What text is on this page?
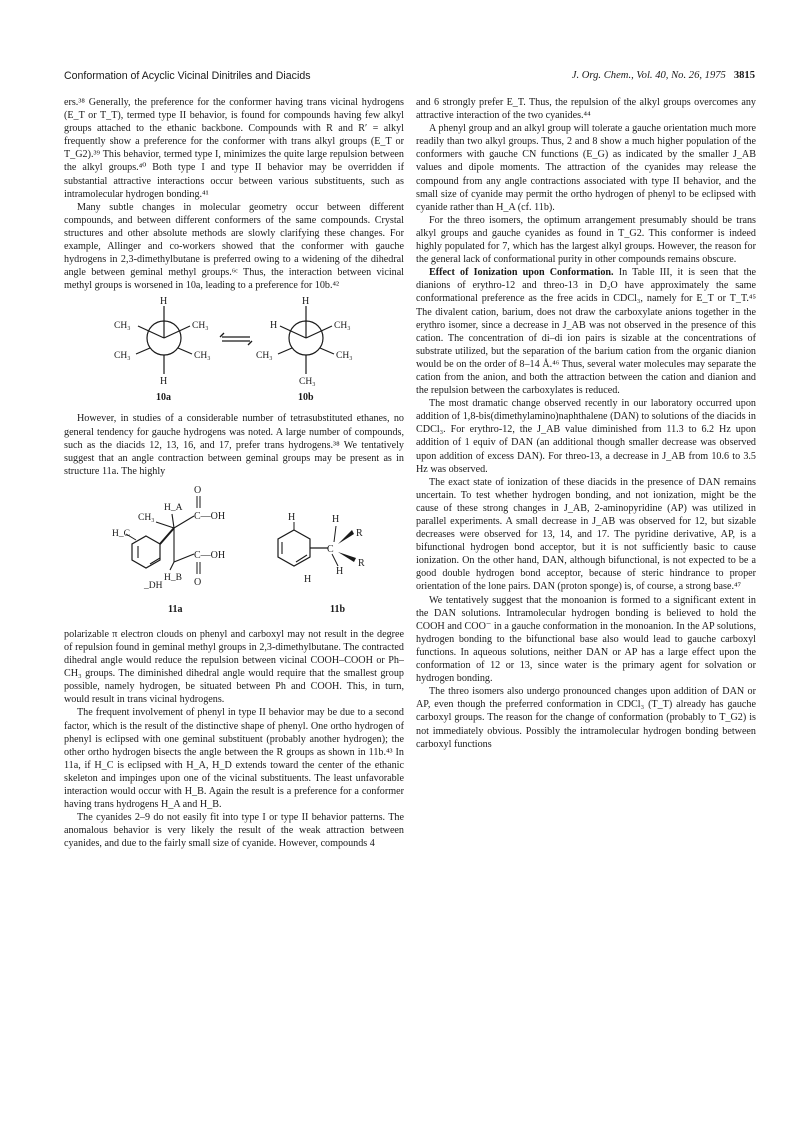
Conformation of Acyclic Vicinal Dinitriles and Diacids	J. Org. Chem., Vol. 40, No. 26, 1975 3815

ers.³⁸ Generally, the preference for the conformer having trans vicinal hydrogens (E_T or T_T), termed type II behavior, is found for compounds having few alkyl groups attached to the ethanic backbone. Compounds with R and R′ = alkyl frequently show a preference for the conformer with trans alkyl groups (E_T or T_G2).³⁹ This behavior, termed type I, minimizes the quite large repulsion between the alkyl groups.⁴⁰ Both type I and type II behavior may be overridden if substantial attractive interactions occur between various substituents, such as intramolecular hydrogen bonding.⁴¹

Many subtle changes in molecular geometry occur between different compounds, and between different conformers of the same compounds. Crystal structures and other absolute methods are slowly clarifying these changes. For example, Allinger and co-workers showed that the conformer with gauche hydrogens in 2,3-dimethylbutane is preferred owing to a widening of the dihedral angle between geminal methyl groups.⁶ᶜ Thus, the interaction between vicinal methyl groups is worsened in 10a, leading to a preference for 10b.⁴²

H
CH₃	CH₃
CH₃	CH₃
H
10a
H
H	CH₃
CH₃	CH₃
CH₃
10b

However, in studies of a considerable number of tetrasubstituted ethanes, no general tendency for gauche hydrogens was noted. A large number of compounds, such as the diacids 12, 13, 16, and 17, prefer trans hydrogens.³⁸ We tentatively suggest that an angle contraction between geminal groups may be present as in structure 11a. The highly

O
C—OH
H_A
CH₃
C—OH
O
H_B
H_C
_DH
11a
H
C
H
R
R
H
H
11b

polarizable π electron clouds on phenyl and carboxyl may not result in the degree of repulsion found in geminal methyl groups in 2,3-dimethylbutane. The contracted dihedral angle would reduce the repulsion between vicinal COOH–COOH or Ph–CH₃ groups. The diminished dihedral angle would require that the smallest group possible, namely hydrogen, be situated between Ph and COOH. This, in turn, would result in trans vicinal hydrogens.

The frequent involvement of phenyl in type II behavior may be due to a second factor, which is the result of the distinctive shape of phenyl. One ortho hydrogen of phenyl is eclipsed with one geminal substituent (probably another hydrogen); the other ortho hydrogen bisects the angle between the R groups as shown in 11b.⁴³ In 11a, if H_C is eclipsed with H_A, H_D extends toward the center of the ethanic skeleton and impinges upon one of the vicinal substituents. The least unfavorable interaction would occur with H_B. Again the result is a preference for a conformer having trans hydrogens H_A and H_B.

The cyanides 2–9 do not easily fit into type I or type II behavior patterns. The anomalous behavior is very likely the result of the weak attraction between cyanides, and due to the fairly small size of cyanide. However, compounds 4

and 6 strongly prefer E_T. Thus, the repulsion of the alkyl groups overcomes any attractive interaction of the two cyanides.⁴⁴

A phenyl group and an alkyl group will tolerate a gauche orientation much more readily than two alkyl groups. Thus, 2 and 8 show a much higher population of the conformers with gauche CN functions (E_G) as indicated by the smaller J_AB values and dipole moments. The attraction of the cyanides may release the compound from any angle contractions associated with type II behavior, and the small size of cyanide may permit the ortho hydrogen of phenyl to be eclipsed with cyanide rather than H_A (cf. 11b).

For the threo isomers, the optimum arrangement presumably should be trans alkyl groups and gauche cyanides as found in T_G2. This conformer is indeed highly populated for 7, which has the largest alkyl groups. However, the reason for the general lack of conformational purity in other compounds remains obscure.

Effect of Ionization upon Conformation. In Table III, it is seen that the dianions of erythro-12 and threo-13 in D₂O have approximately the same conformational preference as the free acids in CDCl₃, namely for E_T or T_T.⁴⁵ The divalent cation, barium, does not draw the carboxylate anions together in the erythro isomer, since a decrease in J_AB was not observed in the presence of this cation. The concentration of di–di ion pairs is sizable at the concentrations of substrate utilized, but the separation of the barium cation from the organic dianion would be on the order of 8–14 Å.⁴⁶ Thus, several water molecules may separate the cation from the anion, and both the attraction between the cation and dianion and the repulsion between the carboxylates is reduced.

The most dramatic change observed recently in our laboratory occurred upon addition of 1,8-bis(dimethylamino)naphthalene (DAN) to solutions of the diacids in CDCl₃. For erythro-12, the J_AB value diminished from 11.3 to 6.2 Hz upon addition of 1 equiv of DAN (an additional though smaller decrease was observed upon addition of excess DAN). For threo-13, a decrease in J_AB from 10.6 to 3.5 Hz was observed.

The exact state of ionization of these diacids in the presence of DAN remains uncertain. To test whether hydrogen bonding, and not ionization, might be the cause of these strong changes in J_AB, 2-aminopyridine (AP) was utilized in parallel experiments. A small decrease in J_AB was observed for 12, but sizable decreases were observed for 13, 14, and 17. The pyridine derivative, AP, is a bifunctional hydrogen bond acceptor, but it is not sufficiently basic to cause ionization. On the other hand, DAN, although bifunctional, is not expected to be a good double hydrogen bond acceptor, because of steric hindrance to proper orientation of the lone pairs. DAN (proton sponge) is, of course, a strong base.⁴⁷

We tentatively suggest that the monoanion is formed to a significant extent in the DAN solutions. Intramolecular hydrogen bonding is believed to hold the COOH and COO⁻ in a gauche conformation in the monoanion. In the AP solutions, hydrogen bonding to the bifunctional base also would lead to gauche carboxyl functions. In aqueous solutions, neither DAN or AP has a large effect upon the conformation of 12 or 13, since water is the primary agent for solvation or hydrogen bonding.

The threo isomers also undergo pronounced changes upon addition of DAN or AP, even though the preferred conformation in CDCl₃ (T_T) already has gauche carboxyl groups. The reason for the change of conformation (probably to T_G2) is not immediately obvious. Possibly the intramolecular hydrogen bonding between carboxyl functions
